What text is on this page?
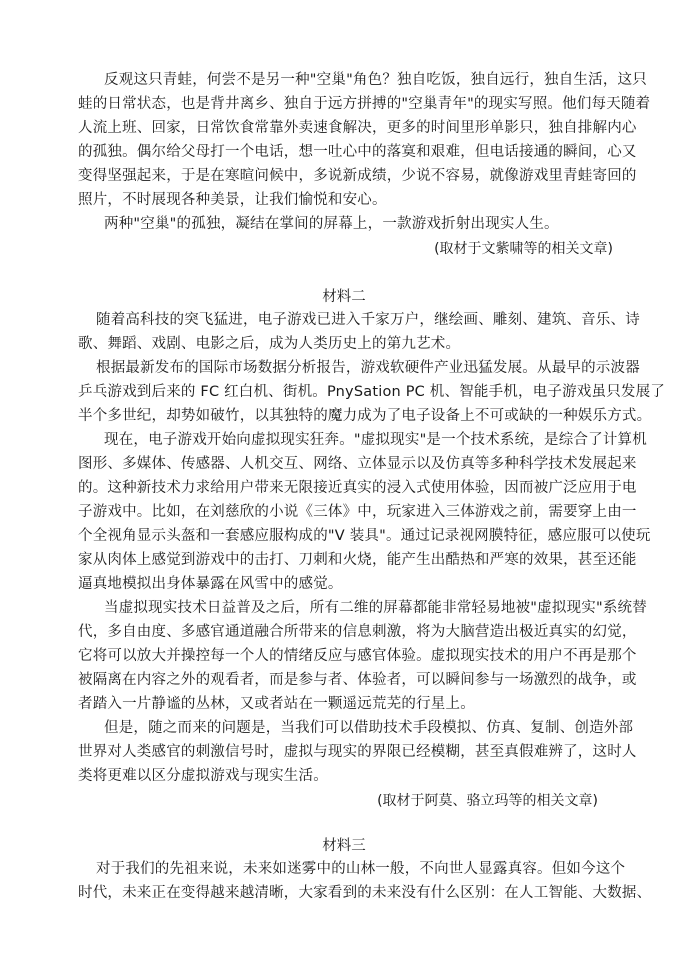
反观这只青蛙，何尝不是另一种"空巢"角色？独自吃饭，独自远行，独自生活，这只
蛙的日常状态，也是背井离乡、独自于远方拼搏的"空巢青年"的现实写照。他们每天随着
人流上班、回家，日常饮食常靠外卖速食解决，更多的时间里形单影只，独自排解内心
的孤独。偶尔给父母打一个电话，想一吐心中的落寞和艰难，但电话接通的瞬间，心又
变得坚强起来，于是在寒暄问候中，多说新成绩，少说不容易，就像游戏里青蛙寄回的
照片，不时展现各种美景，让我们愉悦和安心。
两种"空巢"的孤独，凝结在掌间的屏幕上，一款游戏折射出现实人生。
(取材于文紫啸等的相关文章)
材料二
随着高科技的突飞猛进，电子游戏已进入千家万户，继绘画、雕刻、建筑、音乐、诗
歌、舞蹈、戏剧、电影之后，成为人类历史上的第九艺术。
根据最新发布的国际市场数据分析报告，游戏软硬件产业迅猛发展。从最早的示波器
乒乓游戏到后来的 FC 红白机、街机。PnySation PC 机、智能手机，电子游戏虽只发展了
半个多世纪，却势如破竹，以其独特的魔力成为了电子设备上不可或缺的一种娱乐方式。
现在，电子游戏开始向虚拟现实狂奔。"虚拟现实"是一个技术系统，是综合了计算机
图形、多媒体、传感器、人机交互、网络、立体显示以及仿真等多种科学技术发展起来
的。这种新技术力求给用户带来无限接近真实的浸入式使用体验，因而被广泛应用于电
子游戏中。比如，在刘慈欣的小说《三体》中，玩家进入三体游戏之前，需要穿上由一
个全视角显示头盔和一套感应服构成的"V 装具"。通过记录视网膜特征，感应服可以使玩
家从肉体上感觉到游戏中的击打、刀刺和火烧，能产生出酷热和严寒的效果，甚至还能
逼真地模拟出身体暴露在风雪中的感觉。
当虚拟现实技术日益普及之后，所有二维的屏幕都能非常轻易地被"虚拟现实"系统替
代，多自由度、多感官通道融合所带来的信息刺激，将为大脑营造出极近真实的幻觉，
它将可以放大并操控每一个人的情绪反应与感官体验。虚拟现实技术的用户不再是那个
被隔离在内容之外的观看者，而是参与者、体验者，可以瞬间参与一场激烈的战争，或
者踏入一片静谧的丛林，又或者站在一颗遥远荒芜的行星上。
但是，随之而来的问题是，当我们可以借助技术手段模拟、仿真、复制、创造外部
世界对人类感官的刺激信号时，虚拟与现实的界限已经模糊，甚至真假难辨了，这时人
类将更难以区分虚拟游戏与现实生活。
(取材于阿莫、骆立玛等的相关文章)
材料三
对于我们的先祖来说，未来如迷雾中的山林一般，不向世人显露真容。但如今这个
时代，未来正在变得越来越清晰，大家看到的未来没有什么区别：在人工智能、大数据、
